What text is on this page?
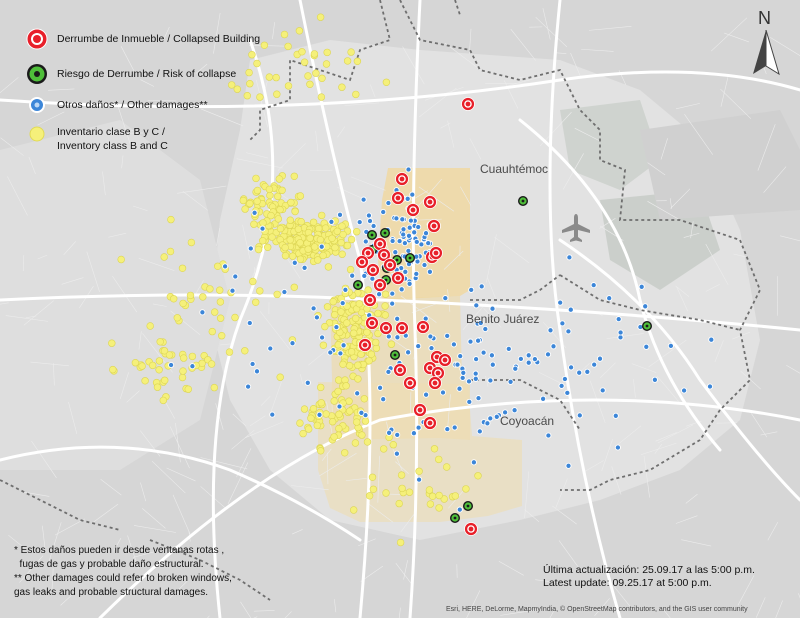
Cuauhtémoc
Benito Juárez
Coyoacán
N
Derrumbe de Inmueble / Collapsed Building
Riesgo de Derrumbe / Risk of collapse
Otros daños* / Other damages**
Inventario clase B y C /
Inventory class B and C
* Estos daños pueden ir desde ventanas rotas ,
fugas de gas y probable daño estructural.
** Other damages could refer to broken windows,
gas leaks and probable structural damages.
Última actualización: 25.09.17 a las 5:00 p.m.
Latest update: 09.25.17 at 5:00 p.m.
Esri, HERE, DeLorme, MapmyIndia, © OpenStreetMap contributors, and the GIS user community
